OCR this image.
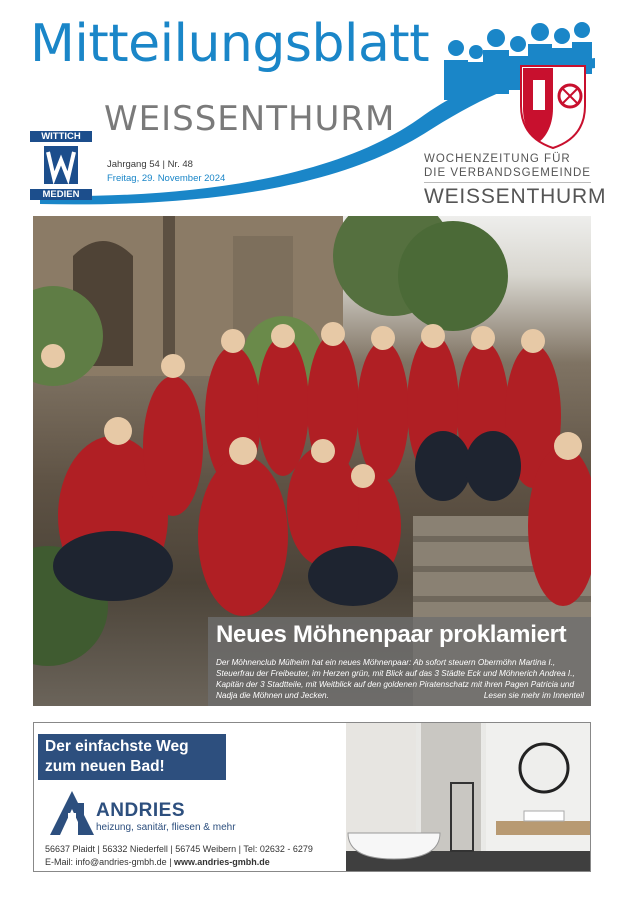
Mitteilungsblatt
WEISSENTHURM
WITTICH
MEDIEN
Jahrgang 54 | Nr. 48
Freitag, 29. November 2024
WOCHENZEITUNG FÜR
DIE VERBANDSGEMEINDE
WEISSENTHURM
Neues Möhnenpaar proklamiert
Der Möhnenclub Mülheim hat ein neues Möhnenpaar: Ab sofort steuern Obermöhn Martina I., Steuerfrau der Freibeuter, im Herzen grün, mit Blick auf das 3 Städte Eck und Möhnerich Andrea I., Kapitän der 3 Stadtteile, mit Weitblick auf den goldenen Piratenschatz mit ihren Pagen Patricia und Nadja die Möhnen und Jecken.	Lesen sie mehr im Innenteil
Der einfachste Weg zum neuen Bad!
ANDRIES
heizung, sanitär, fliesen & mehr
56637 Plaidt | 56332 Niederfell | 56745 Weibern | Tel: 02632 - 6279
E-Mail: info@andries-gmbh.de | www.andries-gmbh.de
